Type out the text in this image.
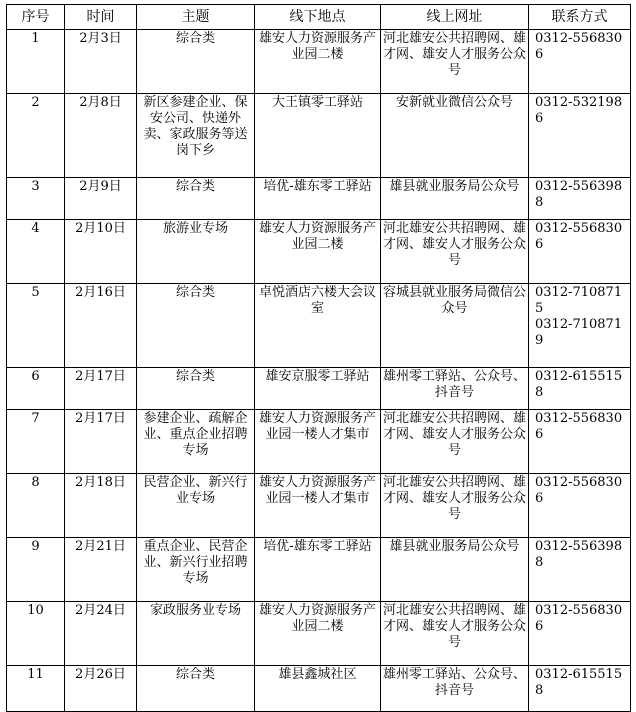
序号	时间	主题	线下地点	线上网址	联系方式
1	2月3日	综合类	雄安人力资源服务产业园二楼	河北雄安公共招聘网、雄才网、雄安人才服务公众号	0312-5568306

2	2月8日	新区参建企业、保安公司、快递外卖、家政服务等送岗下乡	大王镇零工驿站	安新就业微信公众号	0312-5321986

3	2月9日	综合类	培优-雄东零工驿站	雄县就业服务局公众号	0312-5563988

4	2月10日	旅游业专场	雄安人力资源服务产业园二楼	河北雄安公共招聘网、雄才网、雄安人才服务公众号	0312-5568306

5	2月16日	综合类	卓悦酒店六楼大会议室	容城县就业服务局微信公众号	0312-7108715
0312-7108719

6	2月17日	综合类	雄安京服零工驿站	雄州零工驿站、公众号、抖音号	0312-6155158

7	2月17日	参建企业、疏解企业、重点企业招聘专场	雄安人力资源服务产业园一楼人才集市	河北雄安公共招聘网、雄才网、雄安人才服务公众号	0312-5568306

8	2月18日	民营企业、新兴行业专场	雄安人力资源服务产业园一楼人才集市	河北雄安公共招聘网、雄才网、雄安人才服务公众号	0312-5568306

9	2月21日	重点企业、民营企业、新兴行业招聘专场	培优-雄东零工驿站	雄县就业服务局公众号	0312-5563988

10	2月24日	家政服务业专场	雄安人力资源服务产业园二楼	河北雄安公共招聘网、雄才网、雄安人才服务公众号	0312-5568306

11	2月26日	综合类	雄县鑫城社区	雄州零工驿站、公众号、抖音号	0312-6155158
